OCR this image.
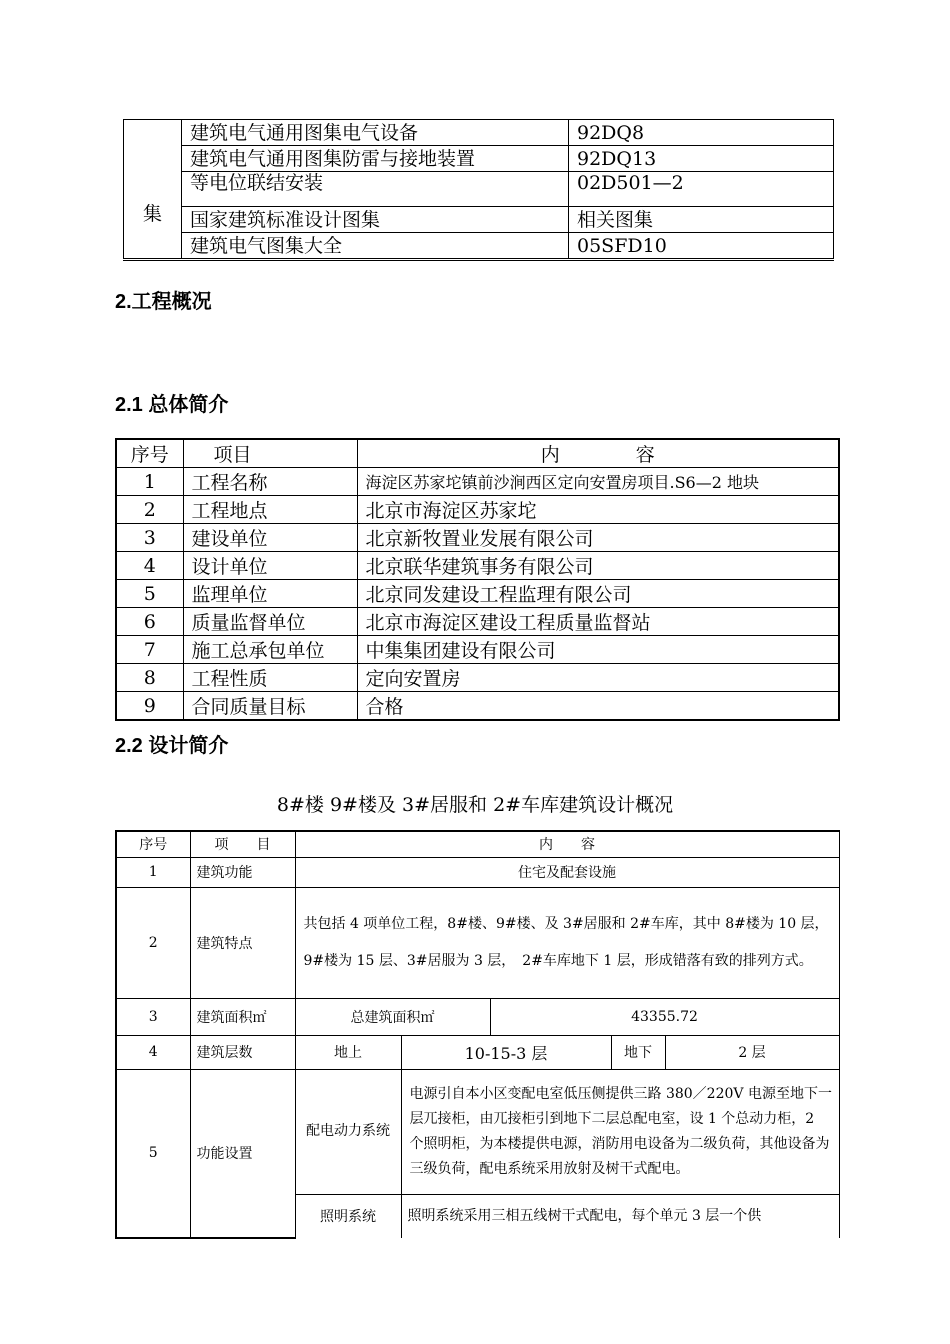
集	建筑电气通用图集电气设备	92DQ8
	建筑电气通用图集防雷与接地装置	92DQ13
	等电位联结安装	02D501—2
	国家建筑标准设计图集	相关图集
	建筑电气图集大全	05SFD10
2.工程概况
2.1 总体简介
序号	项目	内　　　　容
1	工程名称	海淀区苏家坨镇前沙涧西区定向安置房项目.S6—2 地块
2	工程地点	北京市海淀区苏家坨
3	建设单位	北京新牧置业发展有限公司
4	设计单位	北京联华建筑事务有限公司
5	监理单位	北京同发建设工程监理有限公司
6	质量监督单位	北京市海淀区建设工程质量监督站
7	施工总承包单位	中集集团建设有限公司
8	工程性质	定向安置房
9	合同质量目标	合格
2.2 设计简介
8#楼 9#楼及 3#居服和 2#车库建筑设计概况
序号	项　　目	内　　容				
1	建筑功能	住宅及配套设施				
2	建筑特点	共包括 4 项单位工程，8#楼、9#楼、及 3#居服和 2#车库，其中 8#楼为 10 层，9#楼为 15 层、3#居服为 3 层，　2#车库地下 1 层，形成错落有致的排列方式。				
3	建筑面积㎡	总建筑面积㎡		43355.72		
4	建筑层数	地上	10-15-3 层		地下	2 层
5	功能设置	配电动力系统	电源引自本小区变配电室低压侧提供三路 380／220V 电源至地下一层兀接柜，由兀接柜引到地下二层总配电室，设 1 个总动力柜，2 个照明柜，为本楼提供电源，消防用电设备为二级负荷，其他设备为三级负荷，配电系统采用放射及树干式配电。			
		照明系统	照明系统采用三相五线树干式配电，每个单元 3 层一个供			
